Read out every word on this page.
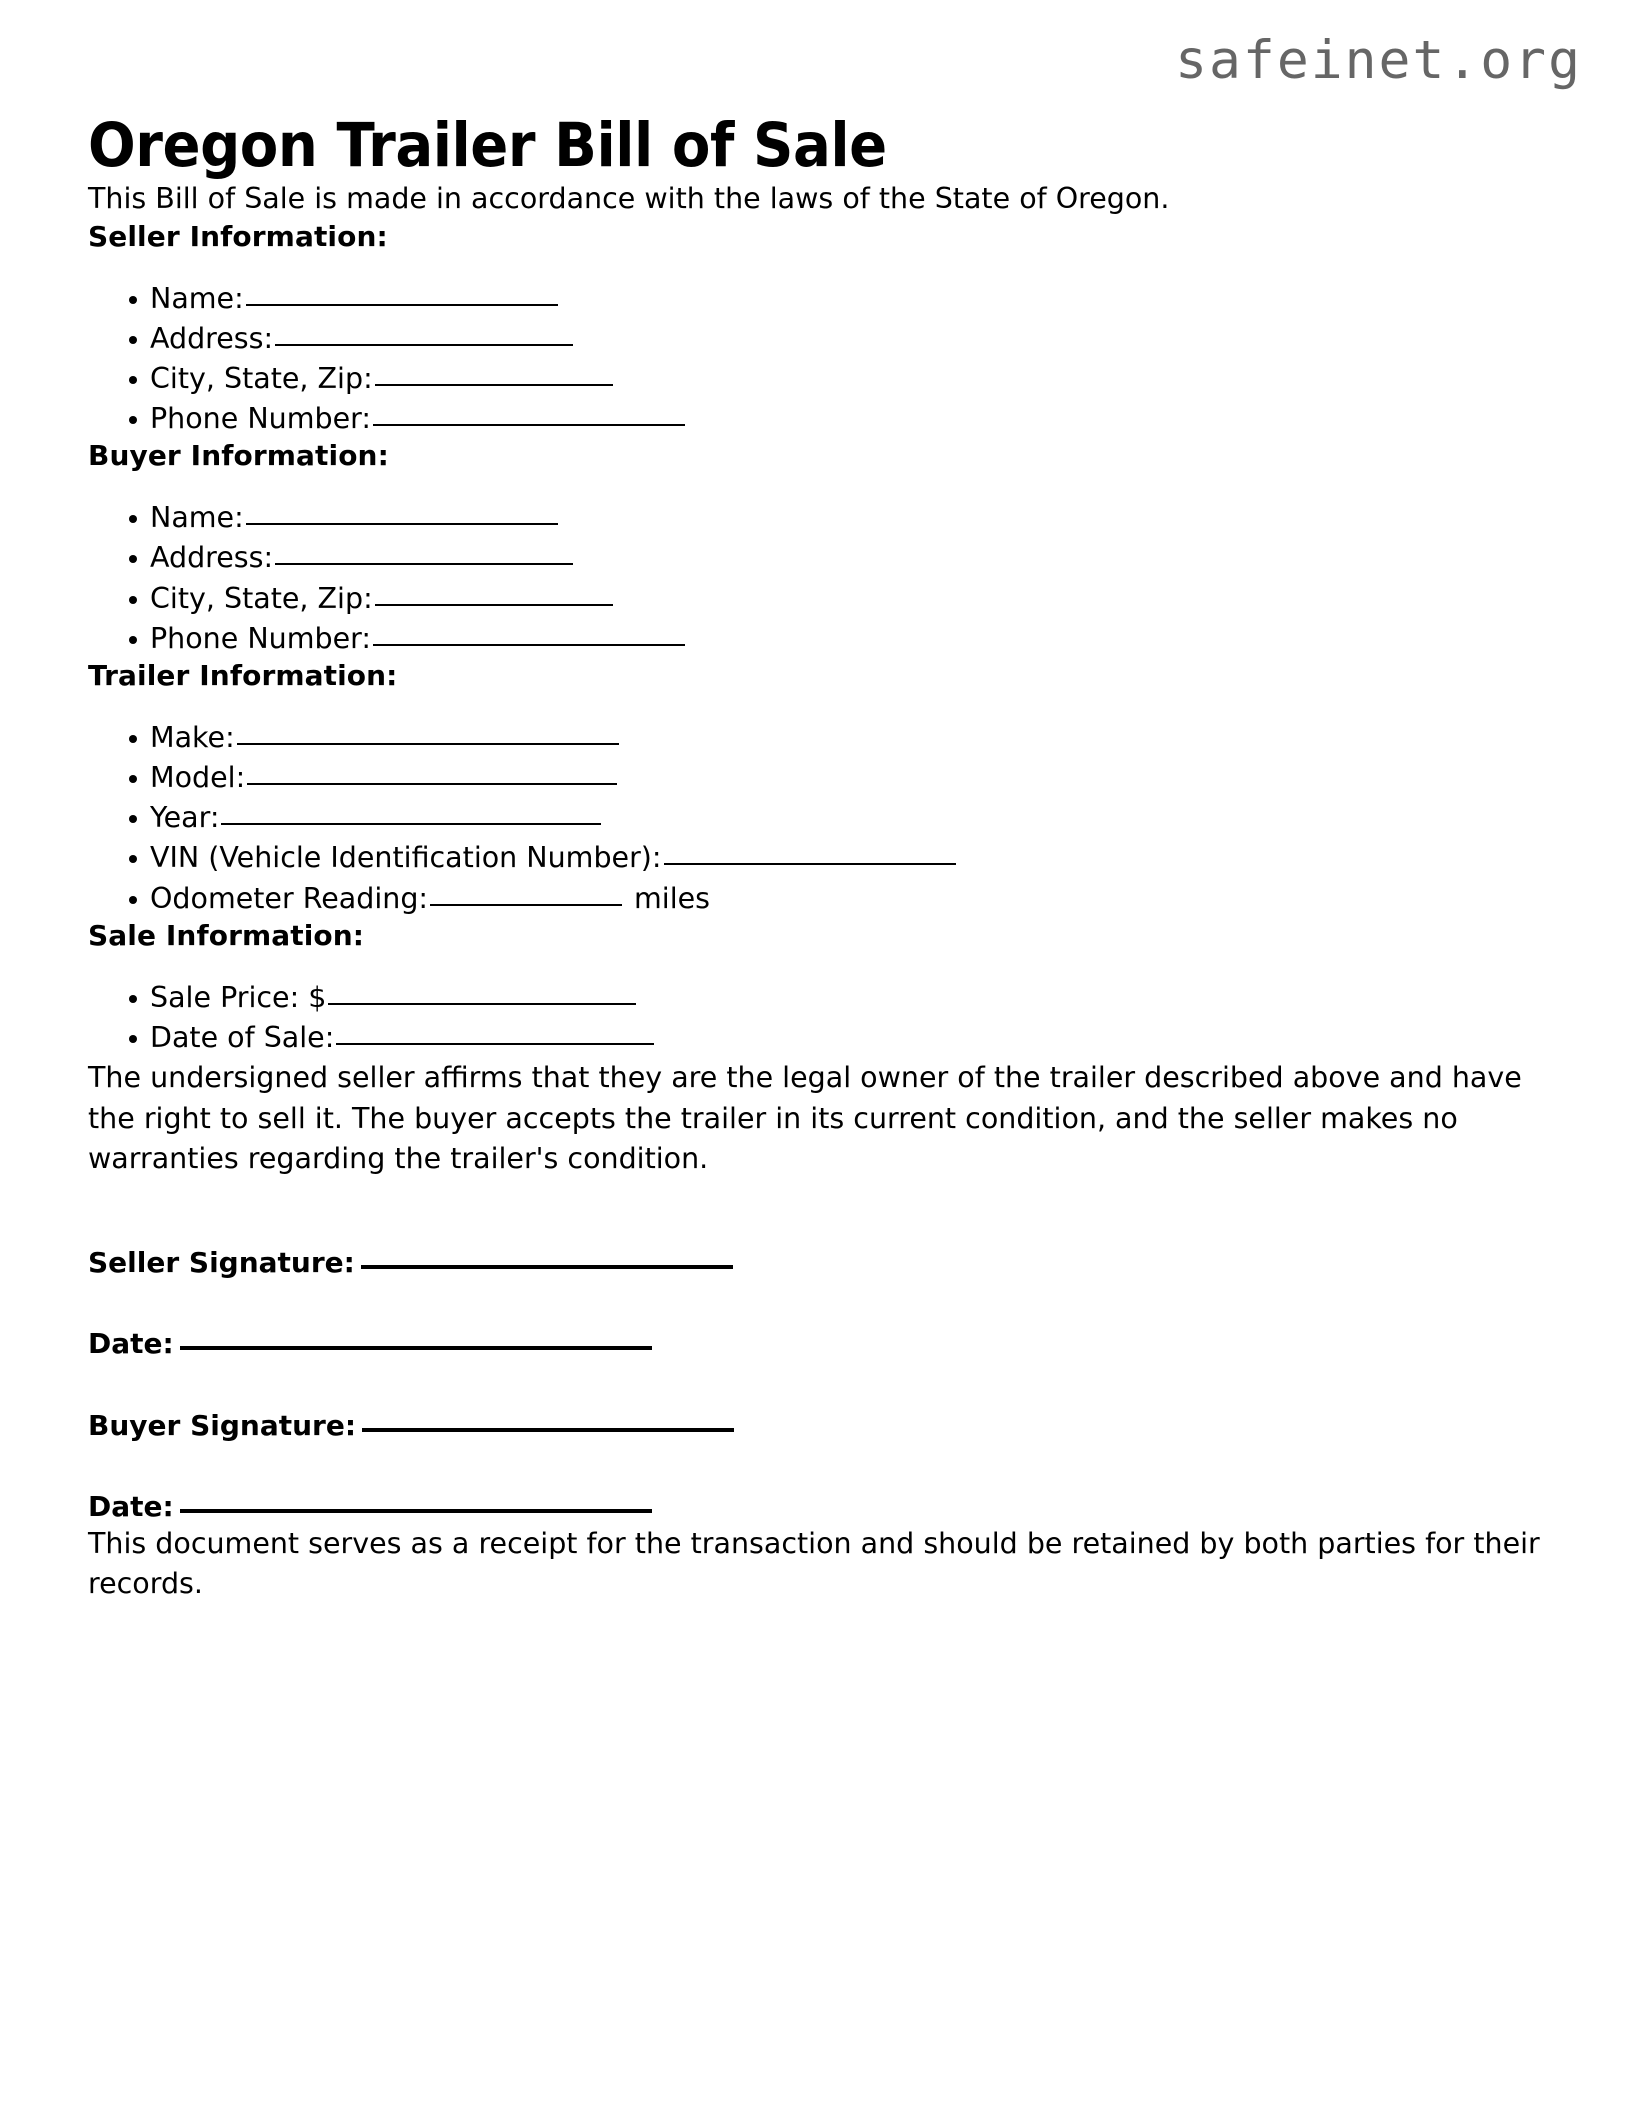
safeinet.org
Oregon Trailer Bill of Sale

This Bill of Sale is made in accordance with the laws of the State of Oregon.

Seller Information:
Name:
Address:
City, State, Zip:
Phone Number:
Buyer Information:
Name:
Address:
City, State, Zip:
Phone Number:
Trailer Information:
Make:
Model:
Year:
VIN (Vehicle Identification Number):
Odometer Reading:	miles
Sale Information:
Sale Price: $
Date of Sale:

The undersigned seller affirms that they are the legal owner of the trailer described above and have the right to sell it. The buyer accepts the trailer in its current condition, and the seller makes no warranties regarding the trailer's condition.

Seller Signature:
Date:
Buyer Signature:
Date:

This document serves as a receipt for the transaction and should be retained by both parties for their records.
